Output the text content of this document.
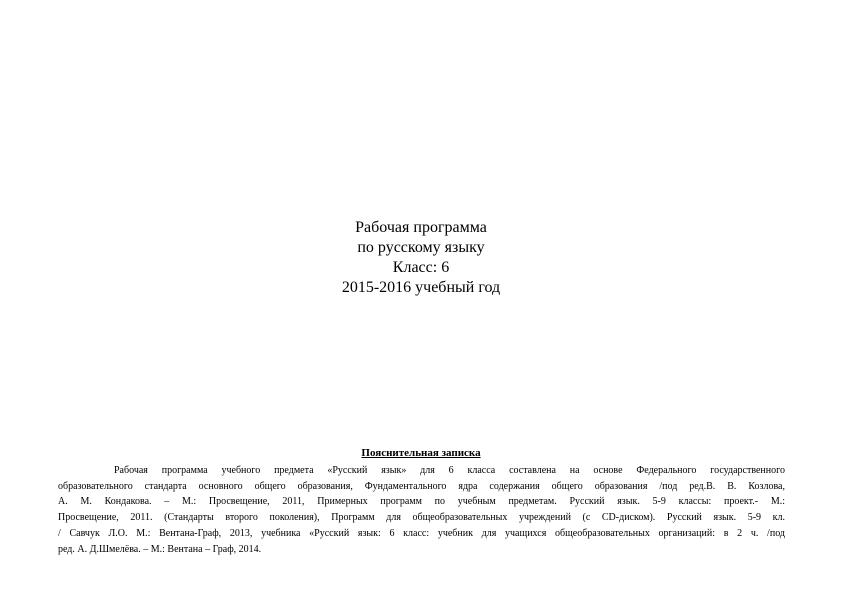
Рабочая программа
по русскому языку
Класс: 6
2015-2016 учебный год
Пояснительная записка
Рабочая программа учебного предмета «Русский язык» для 6 класса составлена на основе Федерального государственного
образовательного стандарта основного общего образования, Фундаментального ядра содержания общего образования /под ред.В. В. Козлова,
А. М. Кондакова. – М.: Просвещение, 2011, Примерных программ по учебным предметам. Русский язык. 5-9 классы: проект.- М.:
Просвещение, 2011. (Стандарты второго поколения), Программ для общеобразовательных учреждений (с CD-диском). Русский язык. 5-9 кл.
/ Савчук Л.О. М.: Вентана-Граф, 2013, учебника «Русский язык: 6 класс: учебник для учащихся общеобразовательных организаций: в 2 ч. /под
ред. А. Д.Шмелёва. – М.: Вентана – Граф, 2014.
